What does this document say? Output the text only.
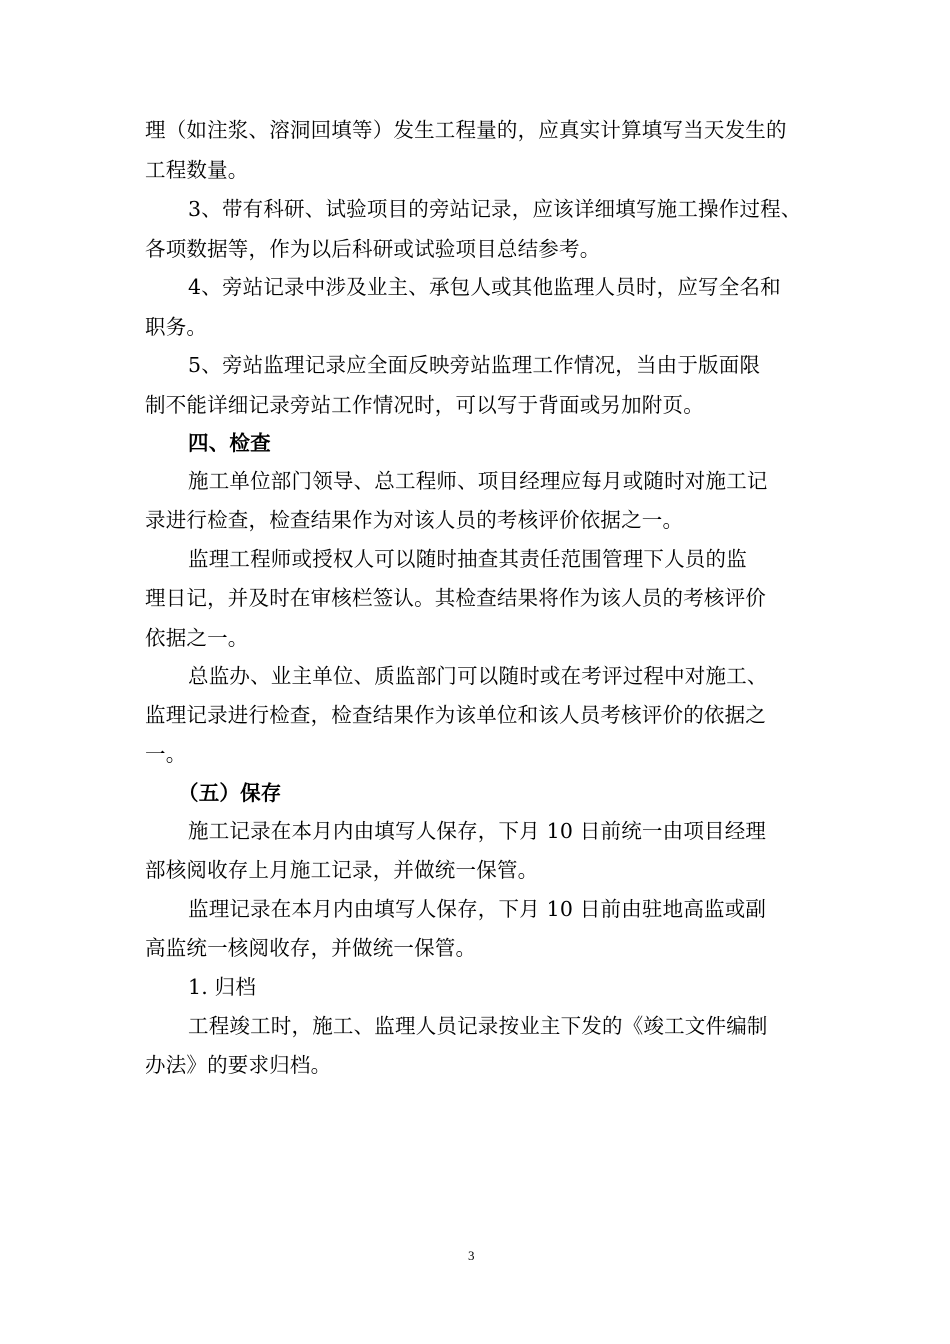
理（如注浆、溶洞回填等）发生工程量的，应真实计算填写当天发生的
工程数量。
3、带有科研、试验项目的旁站记录，应该详细填写施工操作过程、
各项数据等，作为以后科研或试验项目总结参考。
4、旁站记录中涉及业主、承包人或其他监理人员时，应写全名和
职务。
5、旁站监理记录应全面反映旁站监理工作情况，当由于版面限
制不能详细记录旁站工作情况时，可以写于背面或另加附页。
四、检查
施工单位部门领导、总工程师、项目经理应每月或随时对施工记
录进行检查，检查结果作为对该人员的考核评价依据之一。
监理工程师或授权人可以随时抽查其责任范围管理下人员的监
理日记，并及时在审核栏签认。其检查结果将作为该人员的考核评价
依据之一。
总监办、业主单位、质监部门可以随时或在考评过程中对施工、
监理记录进行检查，检查结果作为该单位和该人员考核评价的依据之
一。
（五）保存
施工记录在本月内由填写人保存，下月 10 日前统一由项目经理
部核阅收存上月施工记录，并做统一保管。
监理记录在本月内由填写人保存，下月 10 日前由驻地高监或副
高监统一核阅收存，并做统一保管。
1. 归档
工程竣工时，施工、监理人员记录按业主下发的《竣工文件编制
办法》的要求归档。
3
